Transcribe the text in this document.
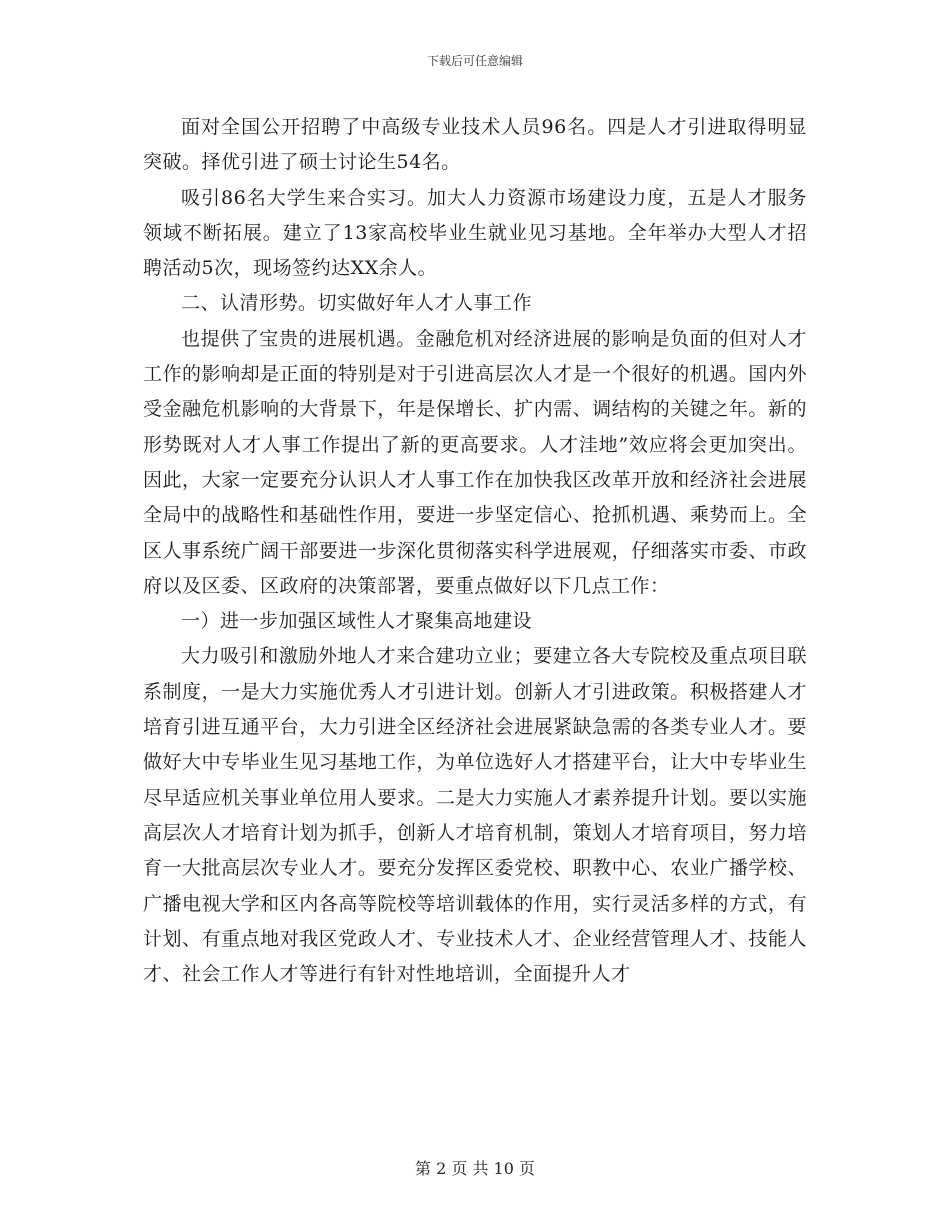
下载后可任意编辑

面对全国公开招聘了中高级专业技术人员96名。四是人才引进取得明显突破。择优引进了硕士讨论生54名。

吸引86名大学生来合实习。加大人力资源市场建设力度，五是人才服务领域不断拓展。建立了13家高校毕业生就业见习基地。全年举办大型人才招聘活动5次，现场签约达XX余人。

二、认清形势。切实做好年人才人事工作

也提供了宝贵的进展机遇。金融危机对经济进展的影响是负面的但对人才工作的影响却是正面的特别是对于引进高层次人才是一个很好的机遇。国内外受金融危机影响的大背景下，年是保增长、扩内需、调结构的关键之年。新的形势既对人才人事工作提出了新的更高要求。人才洼地”效应将会更加突出。因此，大家一定要充分认识人才人事工作在加快我区改革开放和经济社会进展全局中的战略性和基础性作用，要进一步坚定信心、抢抓机遇、乘势而上。全区人事系统广阔干部要进一步深化贯彻落实科学进展观，仔细落实市委、市政府以及区委、区政府的决策部署，要重点做好以下几点工作：

一）进一步加强区域性人才聚集高地建设

大力吸引和激励外地人才来合建功立业；要建立各大专院校及重点项目联系制度，一是大力实施优秀人才引进计划。创新人才引进政策。积极搭建人才培育引进互通平台，大力引进全区经济社会进展紧缺急需的各类专业人才。要做好大中专毕业生见习基地工作，为单位选好人才搭建平台，让大中专毕业生尽早适应机关事业单位用人要求。二是大力实施人才素养提升计划。要以实施高层次人才培育计划为抓手，创新人才培育机制，策划人才培育项目，努力培育一大批高层次专业人才。要充分发挥区委党校、职教中心、农业广播学校、广播电视大学和区内各高等院校等培训载体的作用，实行灵活多样的方式，有计划、有重点地对我区党政人才、专业技术人才、企业经营管理人才、技能人才、社会工作人才等进行有针对性地培训，全面提升人才

第 2 页 共 10 页
